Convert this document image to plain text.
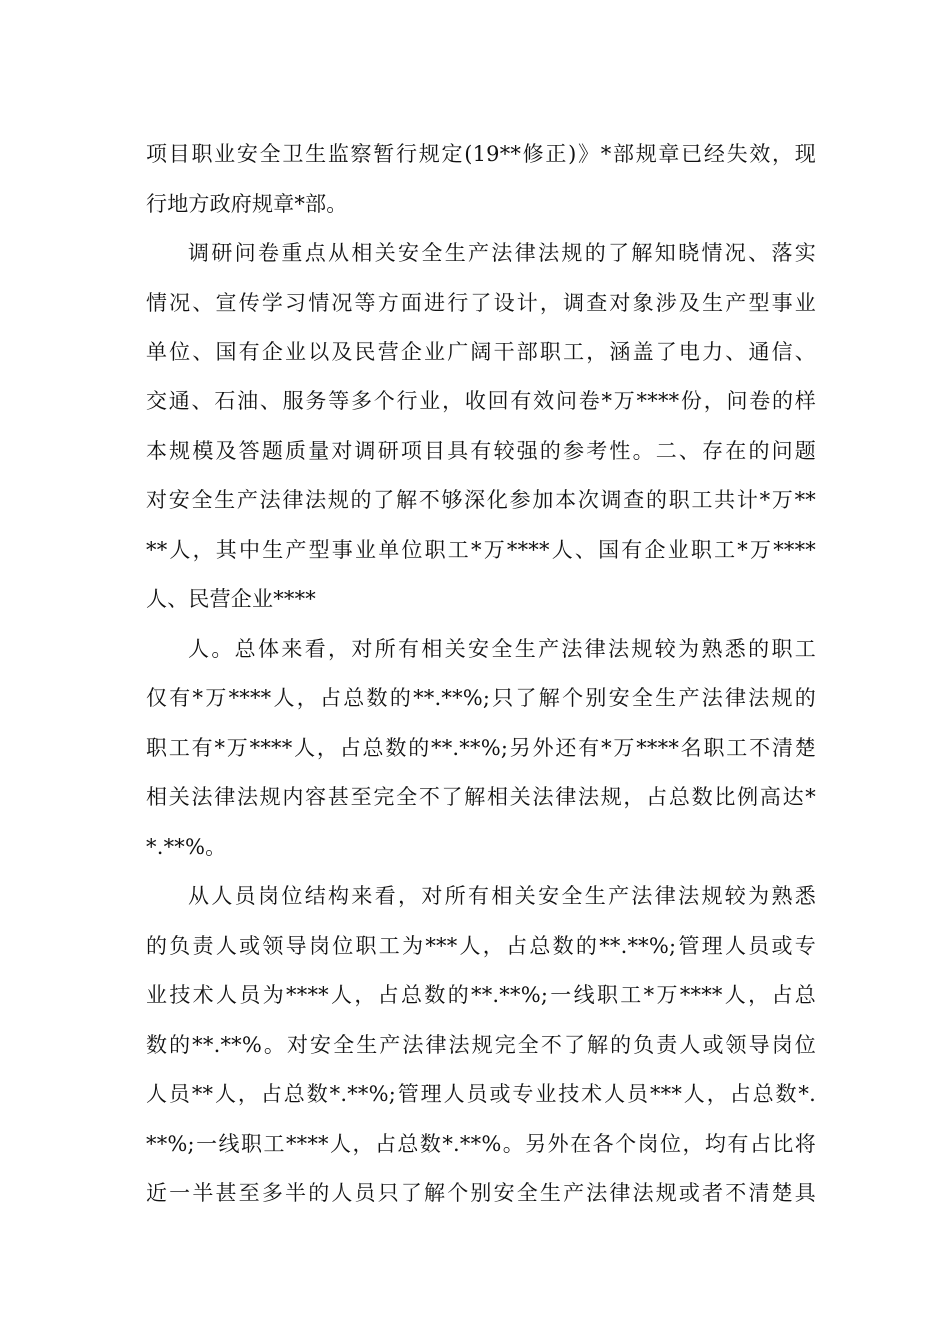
项目职业安全卫生监察暂行规定(19**修正)》*部规章已经失效，现
行地方政府规章*部。
调研问卷重点从相关安全生产法律法规的了解知晓情况、落实
情况、宣传学习情况等方面进行了设计，调查对象涉及生产型事业
单位、国有企业以及民营企业广阔干部职工，涵盖了电力、通信、
交通、石油、服务等多个行业，收回有效问卷*万****份，问卷的样
本规模及答题质量对调研项目具有较强的参考性。二、存在的问题
对安全生产法律法规的了解不够深化参加本次调查的职工共计*万**
**人，其中生产型事业单位职工*万****人、国有企业职工*万****
人、民营企业****
人。总体来看，对所有相关安全生产法律法规较为熟悉的职工
仅有*万****人，占总数的**.**%;只了解个别安全生产法律法规的
职工有*万****人，占总数的**.**%;另外还有*万****名职工不清楚
相关法律法规内容甚至完全不了解相关法律法规，占总数比例高达*
*.**%。
从人员岗位结构来看，对所有相关安全生产法律法规较为熟悉
的负责人或领导岗位职工为***人，占总数的**.**%;管理人员或专
业技术人员为****人，占总数的**.**%;一线职工*万****人，占总
数的**.**%。对安全生产法律法规完全不了解的负责人或领导岗位
人员**人，占总数*.**%;管理人员或专业技术人员***人，占总数*.
**%;一线职工****人，占总数*.**%。另外在各个岗位，均有占比将
近一半甚至多半的人员只了解个别安全生产法律法规或者不清楚具
